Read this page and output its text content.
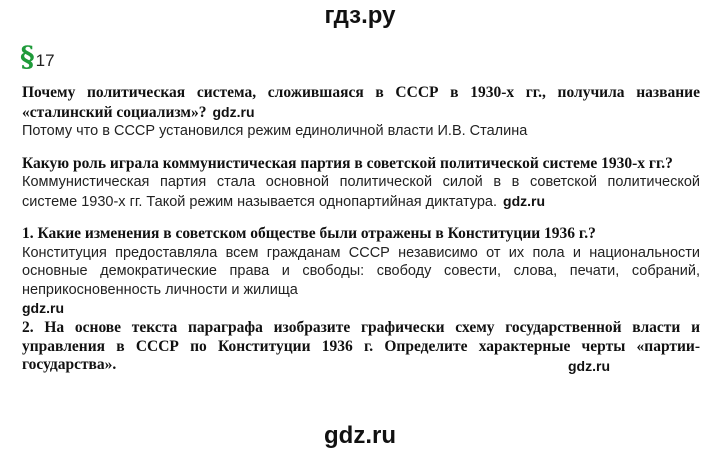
гдз.ру
§ 17
Почему политическая система, сложившаяся в СССР в 1930-х гг., получила название «сталинский социализм»? gdz.ru
Потому что в СССР установился режим единоличной власти И.В. Сталина
Какую роль играла коммунистическая партия в советской политической системе 1930-х гг.?
Коммунистическая партия стала основной политической силой в в советской политической системе 1930-х гг. Такой режим называется однопартийная диктатура. gdz.ru
1. Какие изменения в советском обществе были отражены в Конституции 1936 г.?
Конституция предоставляла всем гражданам СССР независимо от их пола и национальности основные демократические права и свободы: свободу совести, слова, печати, собраний, неприкосновенность личности и жилища
gdz.ru
2. На основе текста параграфа изобразите графически схему государственной власти и управления в СССР по Конституции 1936 г. Определите характерные черты «партии-государства».	gdz.ru
gdz.ru
